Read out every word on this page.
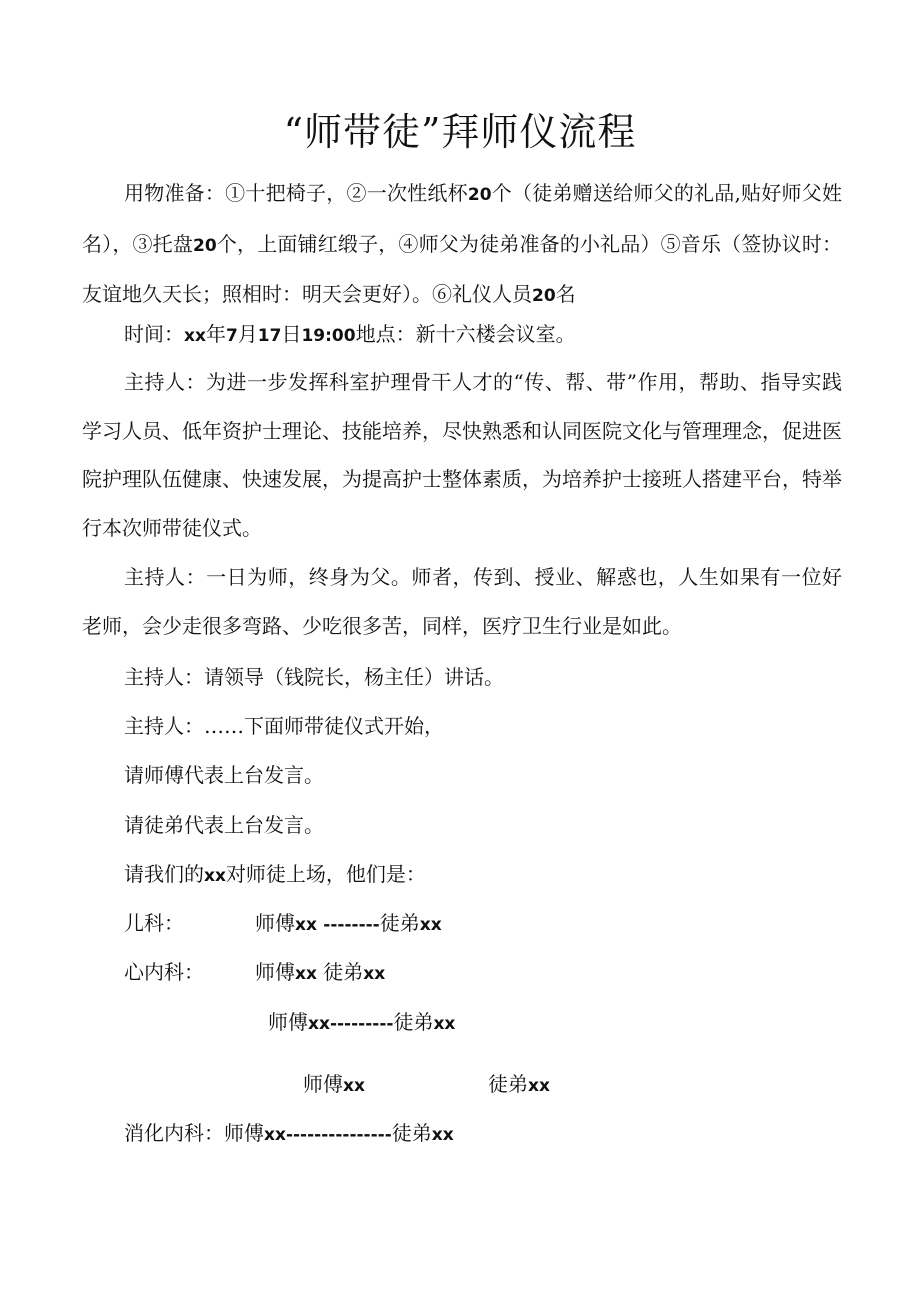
“师带徒”拜师仪流程
用物准备：①十把椅子，②一次性纸杯20个（徒弟赠送给师父的礼品,贴好师父姓名），③托盘20个，上面铺红缎子，④师父为徒弟准备的小礼品）⑤音乐（签协议时：友谊地久天长；照相时：明天会更好）。⑥礼仪人员20名
时间：xx年7月17日19:00地点：新十六楼会议室。
主持人：为进一步发挥科室护理骨干人才的“传、帮、带”作用，帮助、指导实践学习人员、低年资护士理论、技能培养，尽快熟悉和认同医院文化与管理理念，促进医院护理队伍健康、快速发展，为提高护士整体素质，为培养护士接班人搭建平台，特举行本次师带徒仪式。
主持人：一日为师，终身为父。师者，传到、授业、解惑也，人生如果有一位好老师，会少走很多弯路、少吃很多苦，同样，医疗卫生行业是如此。
主持人：请领导（钱院长，杨主任）讲话。
主持人：……下面师带徒仪式开始，
请师傅代表上台发言。
请徒弟代表上台发言。
请我们的xx对师徒上场，他们是：
儿科：	师傅xx --------徒弟xx
心内科：	师傅xx 徒弟xx
师傅xx---------徒弟xx
师傅xx	徒弟xx
消化内科：师傅xx---------------徒弟xx
